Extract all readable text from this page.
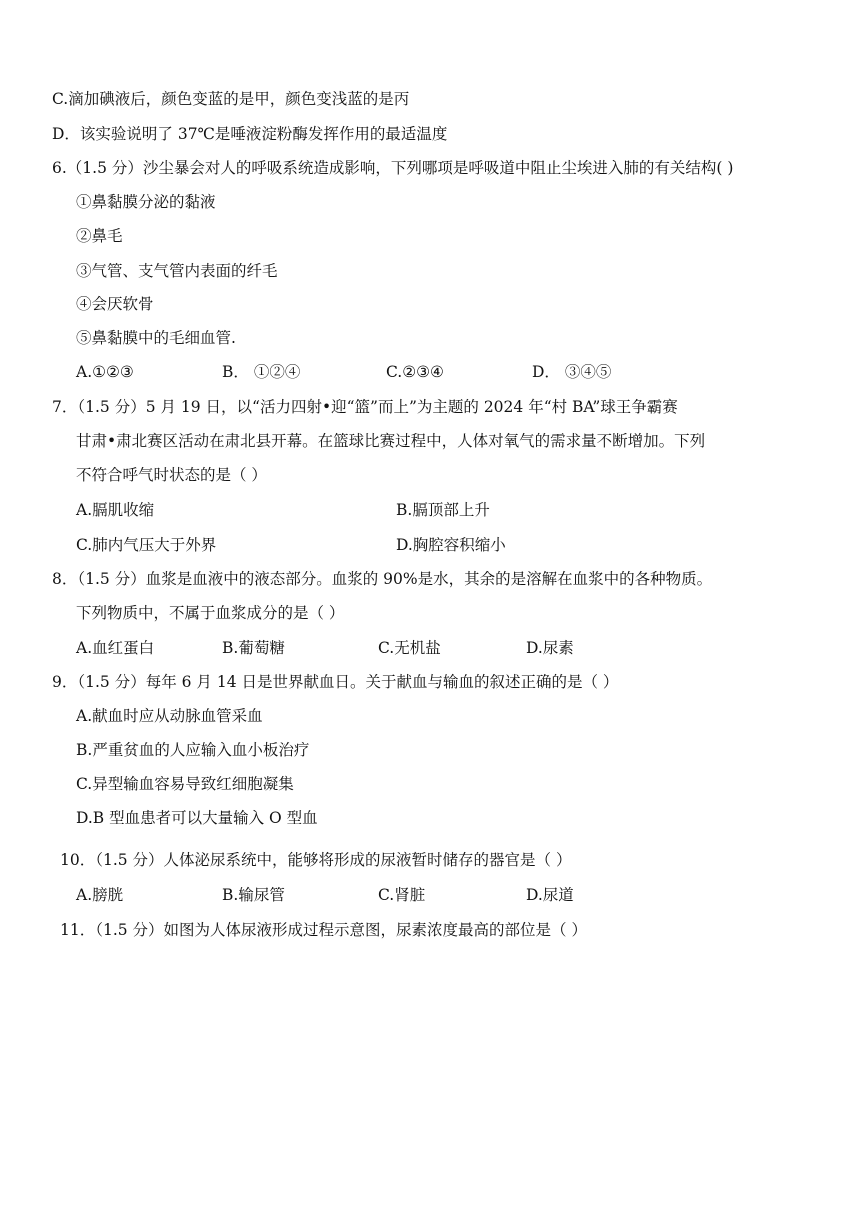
C.滴加碘液后，颜色变蓝的是甲，颜色变浅蓝的是丙
D．该实验说明了 37℃是唾液淀粉酶发挥作用的最适温度
6.（1.5 分）沙尘暴会对人的呼吸系统造成影响，下列哪项是呼吸道中阻止尘埃进入肺的有关结构( )
①鼻黏膜分泌的黏液
②鼻毛
③气管、支气管内表面的纤毛
④会厌软骨
⑤鼻黏膜中的毛细血管.
A.①②③	B． ①②④	C.②③④	D． ③④⑤
7．（1.5 分）5 月 19 日，以“活力四射•迎“篮”而上”为主题的 2024 年“村 BA”球王争霸赛
甘肃•肃北赛区活动在肃北县开幕。在篮球比赛过程中，人体对氧气的需求量不断增加。下列
不符合呼气时状态的是（ ）
A.膈肌收缩	B.膈顶部上升
C.肺内气压大于外界	D.胸腔容积缩小
8．（1.5 分）血浆是血液中的液态部分。血浆的 90%是水，其余的是溶解在血浆中的各种物质。
下列物质中，不属于血浆成分的是（ ）
A.血红蛋白	B.葡萄糖	C.无机盐	D.尿素
9．（1.5 分）每年 6 月 14 日是世界献血日。关于献血与输血的叙述正确的是（ ）
A.献血时应从动脉血管采血
B.严重贫血的人应输入血小板治疗
C.异型输血容易导致红细胞凝集
D.B 型血患者可以大量输入 O 型血
10．（1.5 分）人体泌尿系统中，能够将形成的尿液暂时储存的器官是（ ）
A.膀胱	B.输尿管	C.肾脏	D.尿道
11．（1.5 分）如图为人体尿液形成过程示意图，尿素浓度最高的部位是（ ）
